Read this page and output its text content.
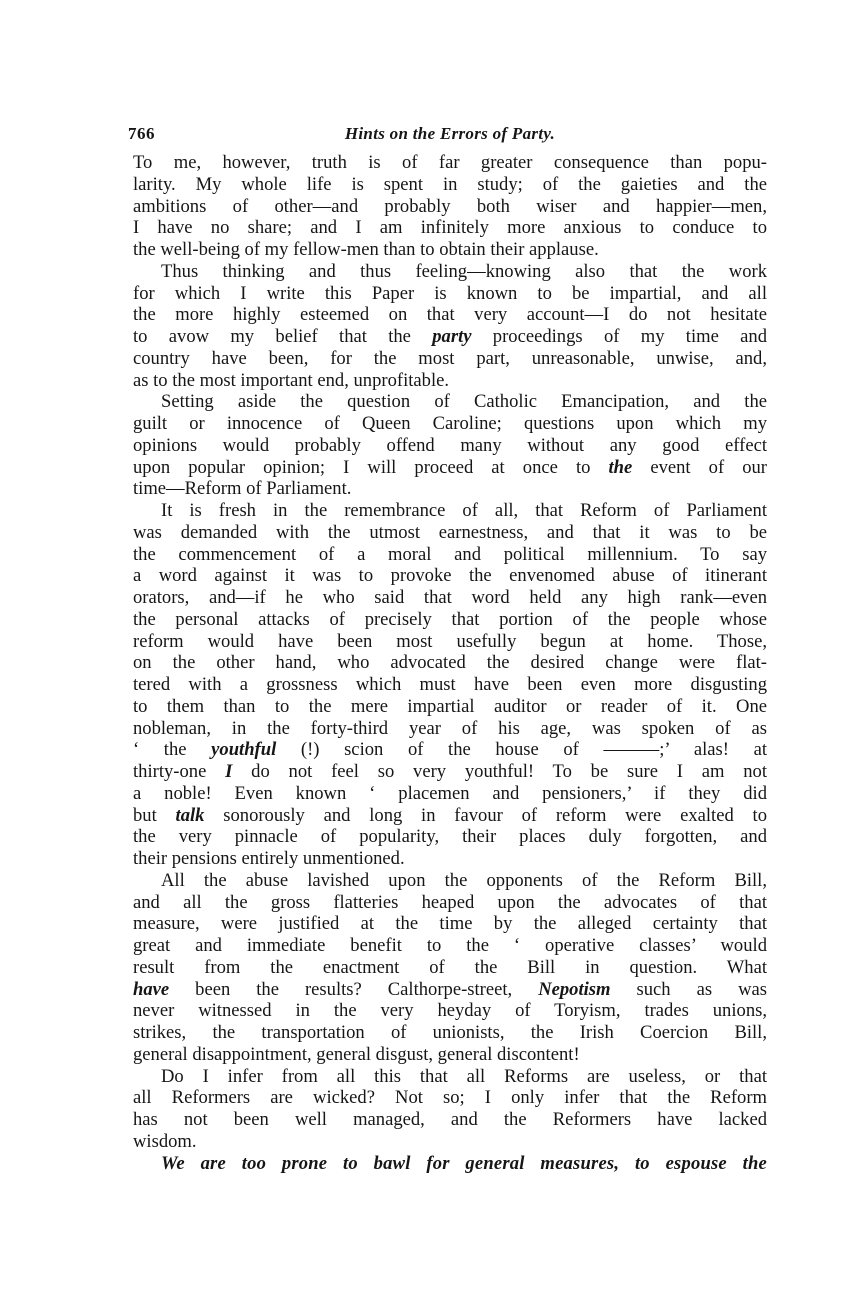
766	Hints on the Errors of Party.
To me, however, truth is of far greater consequence than popu-
larity. My whole life is spent in study; of the gaieties and the
ambitions of other—and probably both wiser and happier—men,
I have no share; and I am infinitely more anxious to conduce to
the well-being of my fellow-men than to obtain their applause.
Thus thinking and thus feeling—knowing also that the work
for which I write this Paper is known to be impartial, and all
the more highly esteemed on that very account—I do not hesitate
to avow my belief that the party proceedings of my time and
country have been, for the most part, unreasonable, unwise, and,
as to the most important end, unprofitable.
Setting aside the question of Catholic Emancipation, and the
guilt or innocence of Queen Caroline; questions upon which my
opinions would probably offend many without any good effect
upon popular opinion; I will proceed at once to the event of our
time—Reform of Parliament.
It is fresh in the remembrance of all, that Reform of Parliament
was demanded with the utmost earnestness, and that it was to be
the commencement of a moral and political millennium. To say
a word against it was to provoke the envenomed abuse of itinerant
orators, and—if he who said that word held any high rank—even
the personal attacks of precisely that portion of the people whose
reform would have been most usefully begun at home. Those,
on the other hand, who advocated the desired change were flat-
tered with a grossness which must have been even more disgusting
to them than to the mere impartial auditor or reader of it. One
nobleman, in the forty-third year of his age, was spoken of as
‘ the youthful (!) scion of the house of ———;’ alas! at
thirty-one I do not feel so very youthful! To be sure I am not
a noble! Even known ‘ placemen and pensioners,’ if they did
but talk sonorously and long in favour of reform were exalted to
the very pinnacle of popularity, their places duly forgotten, and
their pensions entirely unmentioned.
All the abuse lavished upon the opponents of the Reform Bill,
and all the gross flatteries heaped upon the advocates of that
measure, were justified at the time by the alleged certainty that
great and immediate benefit to the ‘ operative classes’ would
result from the enactment of the Bill in question. What
have been the results? Calthorpe-street, Nepotism such as was
never witnessed in the very heyday of Toryism, trades unions,
strikes, the transportation of unionists, the Irish Coercion Bill,
general disappointment, general disgust, general discontent!
Do I infer from all this that all Reforms are useless, or that
all Reformers are wicked? Not so; I only infer that the Reform
has not been well managed, and the Reformers have lacked
wisdom.
We are too prone to bawl for general measures, to espouse the
